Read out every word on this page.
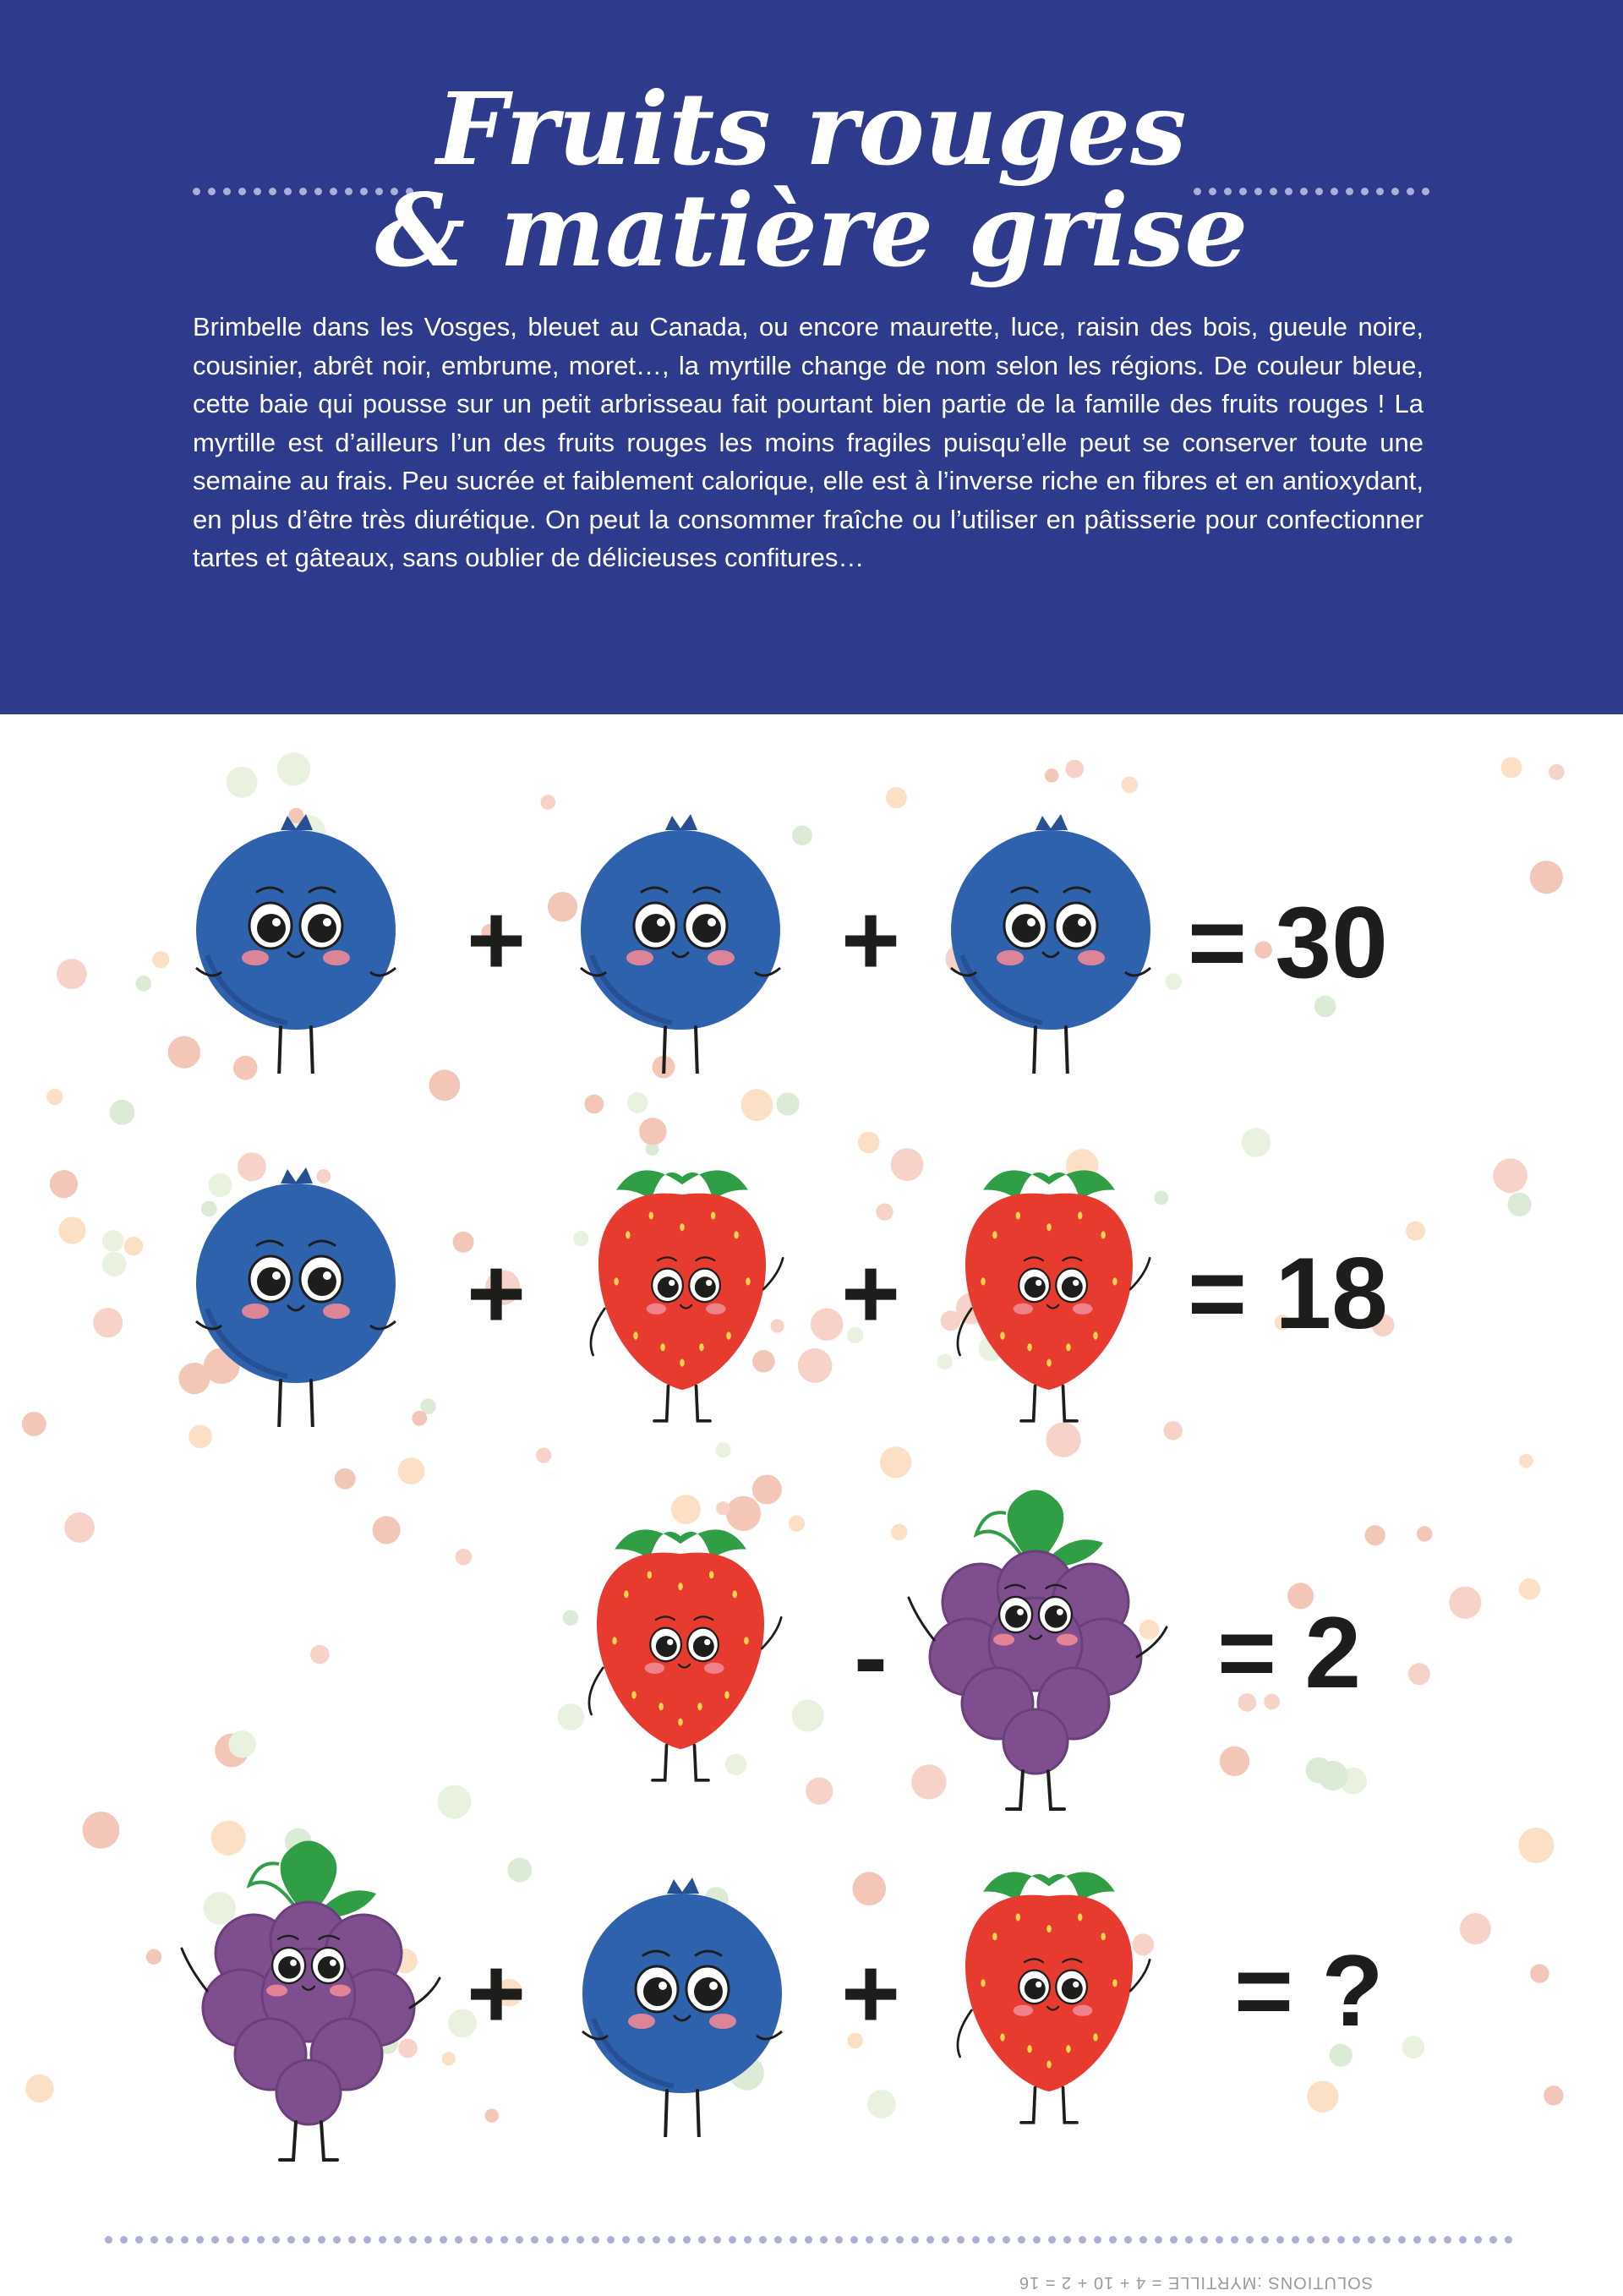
Fruits rouges
& matière grise
Brimbelle dans les Vosges, bleuet au Canada, ou encore maurette, luce, raisin des bois, gueule noire, cousinier, abrêt noir, embrume, moret…, la myrtille change de nom selon les régions. De couleur bleue, cette baie qui pousse sur un petit arbrisseau fait pourtant bien partie de la famille des fruits rouges ! La myrtille est d’ailleurs l’un des fruits rouges les moins fragiles puisqu’elle peut se conserver toute une semaine au frais. Peu sucrée et faiblement calorique, elle est à l’inverse riche en fibres et en antioxydant, en plus d’être très diurétique. On peut la consommer fraîche ou l’utiliser en pâtisserie pour confectionner tartes et gâteaux, sans oublier de délicieuses confitures…
+	+	= 30
+	+	= 18
-	= 2
+	+	= ?
SOLUTIONS :MYRTILLE = 4 + 10 + 2 = 16
